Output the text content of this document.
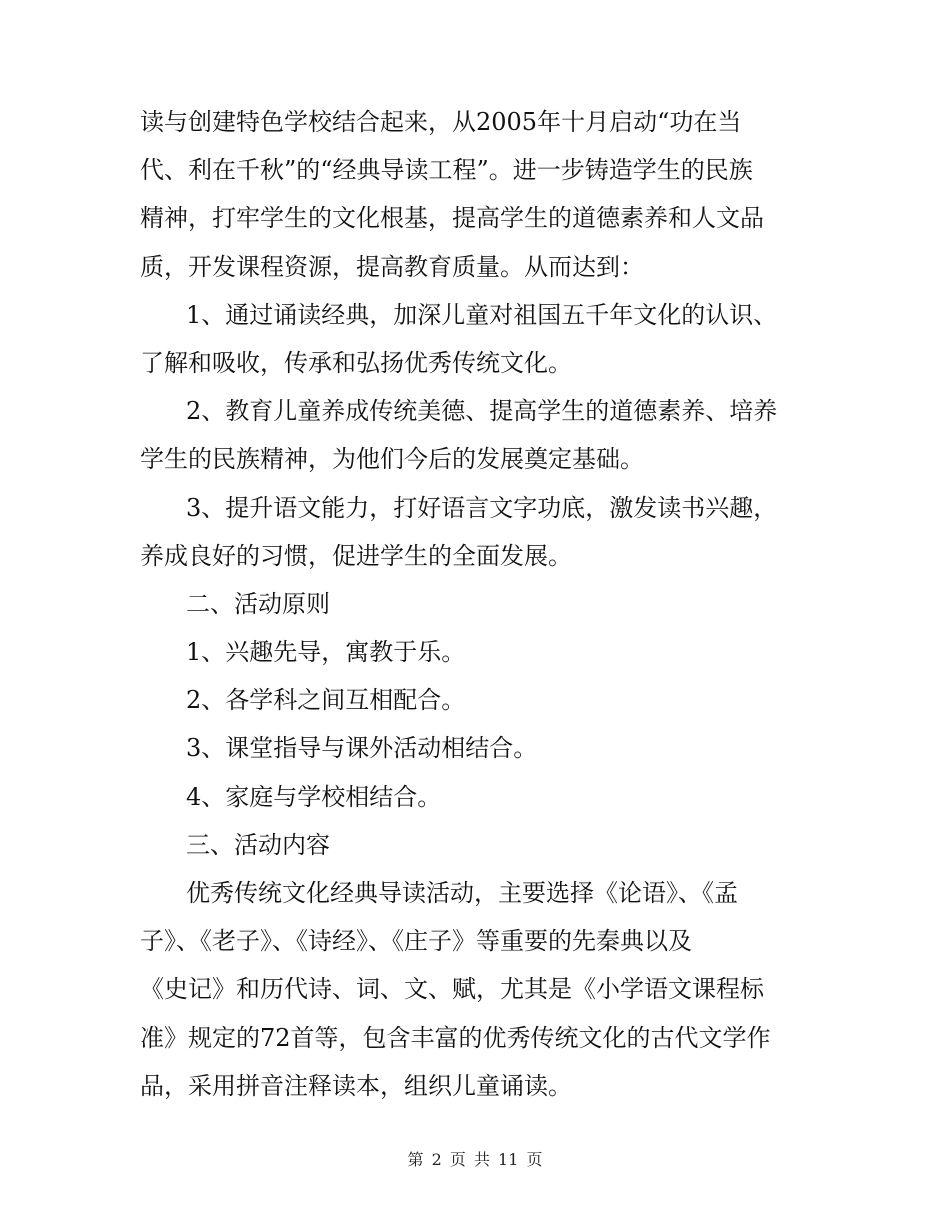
读与创建特色学校结合起来，从2005年十月启动“功在当
代、利在千秋”的“经典导读工程”。进一步铸造学生的民族
精神，打牢学生的文化根基，提高学生的道德素养和人文品
质，开发课程资源，提高教育质量。从而达到：
1、通过诵读经典，加深儿童对祖国五千年文化的认识、
了解和吸收，传承和弘扬优秀传统文化。
2、教育儿童养成传统美德、提高学生的道德素养、培养
学生的民族精神，为他们今后的发展奠定基础。
3、提升语文能力，打好语言文字功底，激发读书兴趣，
养成良好的习惯，促进学生的全面发展。
二、活动原则
1、兴趣先导，寓教于乐。
2、各学科之间互相配合。
3、课堂指导与课外活动相结合。
4、家庭与学校相结合。
三、活动内容
优秀传统文化经典导读活动，主要选择《论语》、《孟
子》、《老子》、《诗经》、《庄子》等重要的先秦典以及
《史记》和历代诗、词、文、赋，尤其是《小学语文课程标
准》规定的72首等，包含丰富的优秀传统文化的古代文学作
品，采用拼音注释读本，组织儿童诵读。
第 2 页 共 11 页
